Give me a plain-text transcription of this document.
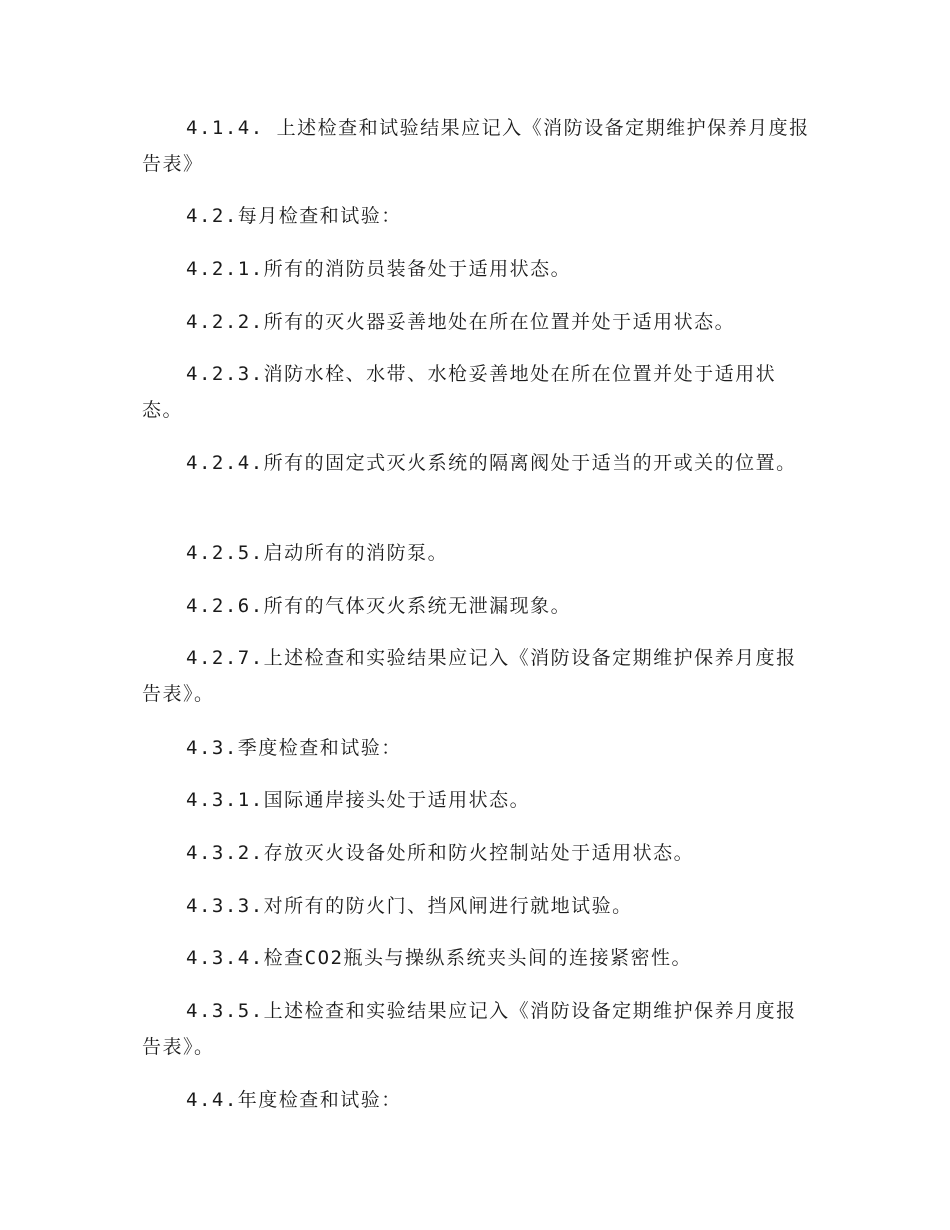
4.1.4. 上述检查和试验结果应记入《消防设备定期维护保养月度报告表》

4.2.每月检查和试验：

4.2.1.所有的消防员装备处于适用状态。

4.2.2.所有的灭火器妥善地处在所在位置并处于适用状态。

4.2.3.消防水栓、水带、水枪妥善地处在所在位置并处于适用状态。

4.2.4.所有的固定式灭火系统的隔离阀处于适当的开或关的位置。

4.2.5.启动所有的消防泵。

4.2.6.所有的气体灭火系统无泄漏现象。

4.2.7.上述检查和实验结果应记入《消防设备定期维护保养月度报告表》。

4.3.季度检查和试验：

4.3.1.国际通岸接头处于适用状态。

4.3.2.存放灭火设备处所和防火控制站处于适用状态。

4.3.3.对所有的防火门、挡风闸进行就地试验。

4.3.4.检查CO2瓶头与操纵系统夹头间的连接紧密性。

4.3.5.上述检查和实验结果应记入《消防设备定期维护保养月度报告表》。

4.4.年度检查和试验：
